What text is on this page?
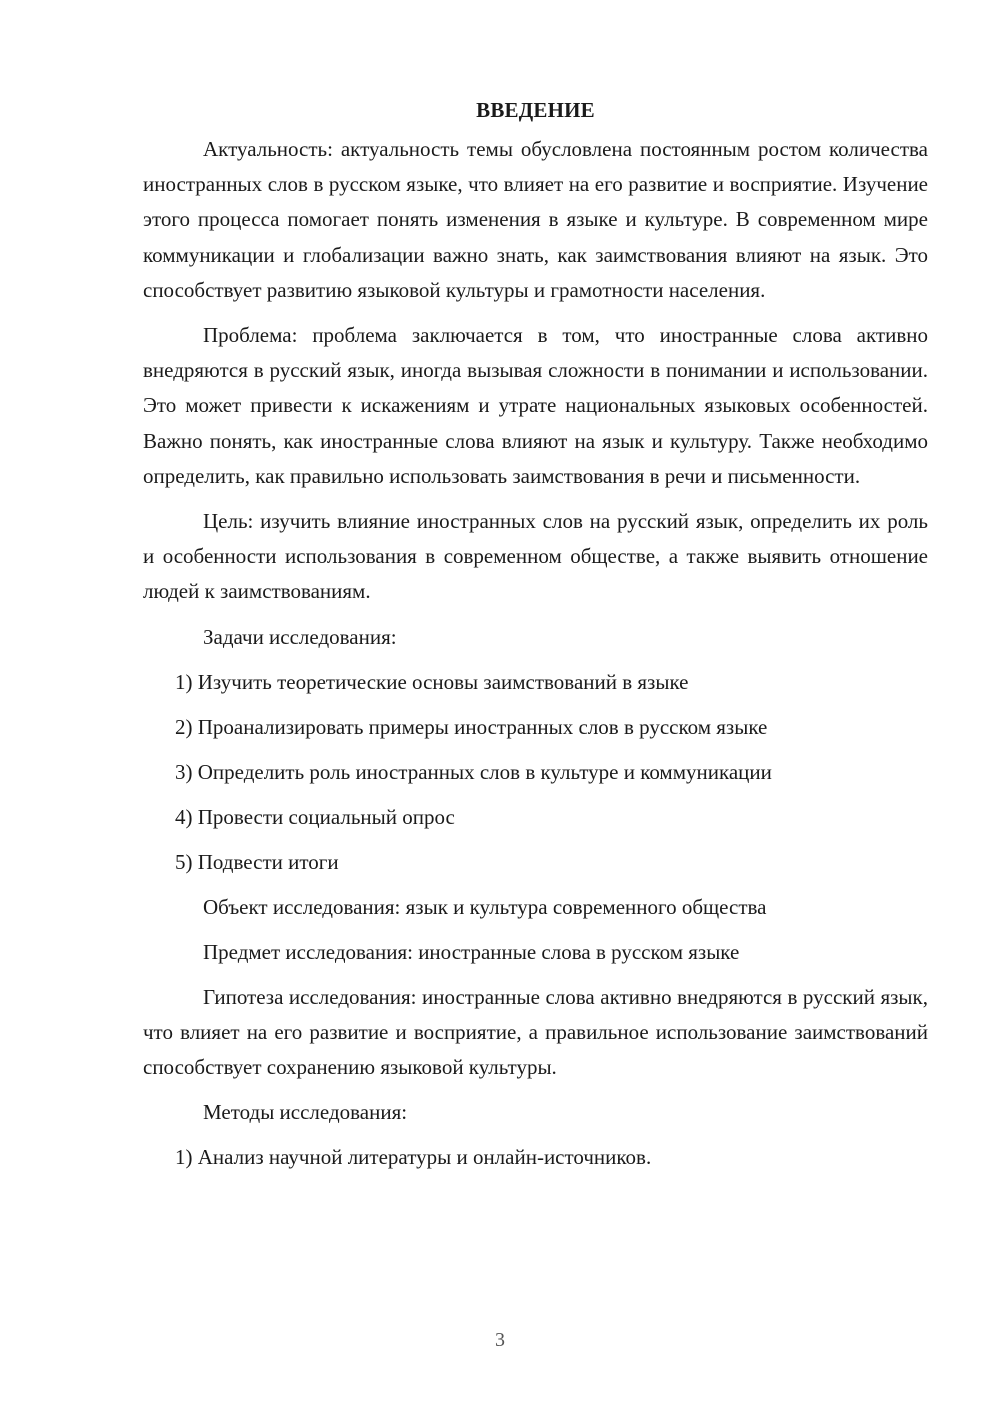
ВВЕДЕНИЕ

Актуальность: актуальность темы обусловлена постоянным ростом количества иностранных слов в русском языке, что влияет на его развитие и восприятие. Изучение этого процесса помогает понять изменения в языке и культуре. В современном мире коммуникации и глобализации важно знать, как заимствования влияют на язык. Это способствует развитию языковой культуры и грамотности населения.

Проблема: проблема заключается в том, что иностранные слова активно внедряются в русский язык, иногда вызывая сложности в понимании и использовании. Это может привести к искажениям и утрате национальных языковых особенностей. Важно понять, как иностранные слова влияют на язык и культуру. Также необходимо определить, как правильно использовать заимствования в речи и письменности.

Цель: изучить влияние иностранных слов на русский язык, определить их роль и особенности использования в современном обществе, а также выявить отношение людей к заимствованиям.

Задачи исследования:
1) Изучить теоретические основы заимствований в языке
2) Проанализировать примеры иностранных слов в русском языке
3) Определить роль иностранных слов в культуре и коммуникации
4) Провести социальный опрос
5) Подвести итоги
Объект исследования: язык и культура современного общества
Предмет исследования: иностранные слова в русском языке

Гипотеза исследования: иностранные слова активно внедряются в русский язык, что влияет на его развитие и восприятие, а правильное использование заимствований способствует сохранению языковой культуры.

Методы исследования:
1) Анализ научной литературы и онлайн-источников.
3
